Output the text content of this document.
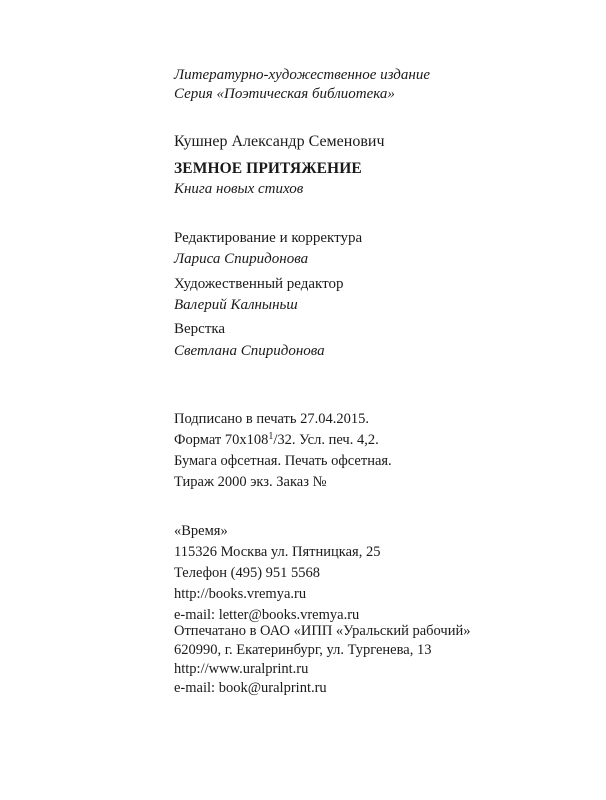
Литературно-художественное издание
Серия «Поэтическая библиотека»
Кушнер Александр Семенович
ЗЕМНОЕ ПРИТЯЖЕНИЕ
Книга новых стихов
Редактирование и корректура
Лариса Спиридонова
Художественный редактор
Валерий Калныньш
Верстка
Светлана Спиридонова
Подписано в печать 27.04.2015.
Формат $70х108^1/32$. Усл. печ. 4,2.
Бумага офсетная. Печать офсетная.
Тираж 2000 экз. Заказ №
«Время»
115326 Москва ул. Пятницкая, 25
Телефон (495) 951 5568
http://books.vremya.ru
e-mail: letter@books.vremya.ru
Отпечатано в ОАО «ИПП «Уральский рабочий»
620990, г. Екатеринбург, ул. Тургенева, 13
http://www.uralprint.ru
e-mail: book@uralprint.ru
